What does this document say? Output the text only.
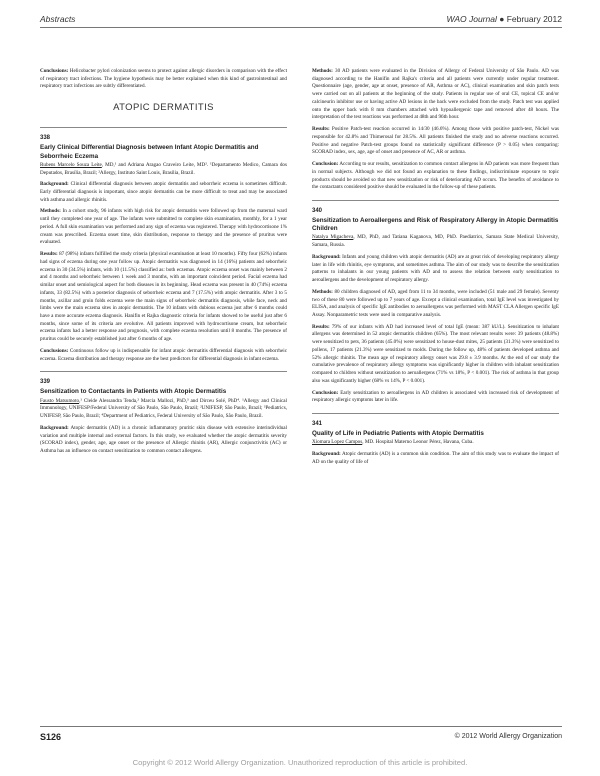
Abstracts	WAO Journal ● February 2012

Conclusions: Helicobacter pylori colonization seems to protect against allergic disorders in comparison with the effect of respiratory tract infections. The hygiene hypothesis may be better explained when this kind of gastrointestinal and respiratory tract infections are subtly differentiated.

ATOPIC DERMATITIS
338
Early Clinical Differential Diagnosis between Infant Atopic Dermatitis and Seborrheic Eczema

Rubens Marcelo Souza Leite, MD,¹ and Adriana Aragao Craveiro Leite, MD². ¹Departamento Medico, Camara dos Deputados, Brasília, Brazil; ²Allergy, Instituto Saint Louis, Brasília, Brazil.

Background: Clinical differential diagnosis between atopic dermatitis and seborrheic eczema is sometimes difficult. Early differential diagnosis is important, since atopic dermatitis can be more difficult to treat and may be associated with asthma and allergic rhinitis.

Methods: In a cohort study, 96 infants with high risk for atopic dermatitis were followed up from the maternal ward until they completed one year of age. The infants were submitted to complete skin examination, monthly, for a 1 year period. A full skin examination was performed and any sign of eczema was registered. Therapy with hydrocortisone 1% cream was prescribed. Eczema onset time, skin distribution, response to therapy and the presence of pruritus were evaluated.

Results: 87 (98%) infants fulfilled the study criteria (physical examination at least 10 months). Fifty four (62%) infants had signs of eczema during one year follow up. Atopic dermatitis was diagnosed in 14 (16%) patients and seborrheic eczema in 30 (34.5%) infants, with 10 (11.5%) classified as: both eczemas. Atopic eczema onset was mainly between 2 and 4 months and seborrheic between 1 week and 3 months, with an important coincident period. Facial eczema had similar onset and semiological aspect for both diseases in its beginning. Head eczema was present in 40 (74%) eczema infants, 33 (82.5%) with a posterior diagnosis of seborrheic eczema and 7 (17.5%) with atopic dermatitis. After 3 to 5 months, axillar and groin folds eczema were the main signs of seborrheic dermatitis diagnosis, while face, neck and limbs were the main eczema sites in atopic dermatitis. The 10 infants with dubious eczema just after 6 months could have a more accurate eczema diagnosis. Hanifin et Rajka diagnostic criteria for infants showed to be useful just after 6 months, since some of its criteria are evolutive. All patients improved with hydrocortisone cream, but seborrheic eczema infants had a better response and prognosis, with complete eczema resolution until 8 months. The presence of pruritus could be securely established just after 6 months of age.

Conclusions: Continuous follow up is indispensable for infant atopic dermatitis differential diagnosis with seborrheic eczema. Eczema distribution and therapy response are the best predictors for differential diagnosis in infant eczema.

339
Sensitization to Contactants in Patients with Atopic Dermatitis

Fausto Matsumoto,¹ Cleide Alessandra Tenda,² Marcia Mallozi, PhD,³ and Dirceu Solé, PhD⁴. ¹Allergy and Clinical Immunology, UNIFESP/Federal University of São Paulo, São Paulo, Brazil; ²UNIFESP, São Paulo, Brazil; ³Pediatrics, UNIFESP, São Paulo, Brazil; ⁴Department of Pediatrics, Federal University of São Paulo, São Paulo, Brazil.

Background: Atopic dermatitis (AD) is a chronic inflammatory pruritic skin disease with extensive interindividual variation and multiple internal and external factors. In this study, we evaluated whether the atopic dermatitis severity (SCORAD index), gender, age, age onset or the presence of Allergic rhinitis (AR), Allergic conjunctivitis (AC) or Asthma has an influence on contact sensitization to common contact allergens.

Methods: 30 AD patients were evaluated in the Division of Allergy of Federal University of São Paulo. AD was diagnosed according to the Hanifin and Rajka's criteria and all patients were currently under regular treatment. Questionnaire (age, gender, age at onset, presence of AR, Asthma or AC), clinical examination and skin patch tests were carried out on all patients at the beginning of the study. Patients in regular use of oral CE, topical CE and/or calcineurin inhibitor use or having active AD lesions in the back were excluded from the study. Patch test was applied onto the upper back with 8 mm chambers attached with hypoallergenic tape and removed after 48 hours. The interpretation of the test reactions was performed at 48th and 96th hour.

Results: Positive Patch-test reaction occurred in 14/30 (46.6%). Among those with positive patch-test, Nickel was responsible for 42.8% and Thimerosal for 28.5%. All patients finished the study and no adverse reactions occurred. Positive and negative Patch-test groups found no statistically significant difference (P > 0.05) when comparing: SCORAD index, sex, age, age of onset and presence of AC, AR or asthma.

Conclusion: According to our results, sensitization to common contact allergens in AD patients was more frequent than in normal subjects. Although we did not found an explanation to these findings, indiscriminate exposure to topic products should be avoided so that new sensitization or risk of deteriorating AD occurs. The benefits of avoidance to the contactants considered positive should be evaluated in the follow-up of these patients.

340
Sensitization to Aeroallergens and Risk of Respiratory Allergy in Atopic Dermatitis Children

Natalya Migacheva, MD, PhD, and Tatiana Kaganova, MD, PhD. Paediatrics, Samara State Medical University, Samara, Russia.

Background: Infants and young children with atopic dermatitis (AD) are at great risk of developing respiratory allergy later in life with rhinitis, eye symptoms, and sometimes asthma. The aim of our study was to describe the sensitization patterns to inhalants in our young patients with AD and to assess the relation between early sensitization to aeroallergens and the development of respiratory allergy.

Methods: 80 children diagnosed of AD, aged from 11 to 34 months, were included (51 male and 29 female). Seventy two of these 80 were followed up to 7 years of age. Except a clinical examination, total IgE level was investigated by ELISA, and analysis of specific IgE antibodies to aeroallergens was performed with MAST CLA Allergen specific IgE Assay. Nonparametric tests were used in comparative analysis.

Results: 79% of our infants with AD had increased level of total IgE (mean: 387 kU/L). Sensitization to inhalant allergens was determined in 52 atopic dermatitis children (65%). The most relevant results were: 39 patients (48.8%) were sensitized to pets, 36 patients (45.0%) were sensitized to house-dust mites, 25 patients (31.3%) were sensitized to pollens, 17 patients (21.3%) were sensitized to molds. During the follow up, 48% of patients developed asthma and 52% allergic rhinitis. The mean age of respiratory allergy onset was 29.8 ± 3.9 months. At the end of our study the cumulative prevalence of respiratory allergy symptoms was significantly higher in children with inhalant sensitization compared to children without sensitization to aeroallergens (71% vs 18%, P < 0.001). The risk of asthma in that group also was significantly higher (68% vs 14%, P < 0.001).

Conclusion: Early sensitization to aeroallergens in AD children is associated with increased risk of development of respiratory allergic symptoms later in life.

341
Quality of Life in Pediatric Patients with Atopic Dermatitis

Xiomara Lopez Campos, MD. Hospital Materno Leonor Pérez, Havana, Cuba.

Background: Atopic dermatitis (AD) is a common skin condition. The aim of this study was to evaluate the impact of AD on the quality of life of

S126	© 2012 World Allergy Organization
Copyright © 2012 World Allergy Organization. Unauthorized reproduction of this article is prohibited.
